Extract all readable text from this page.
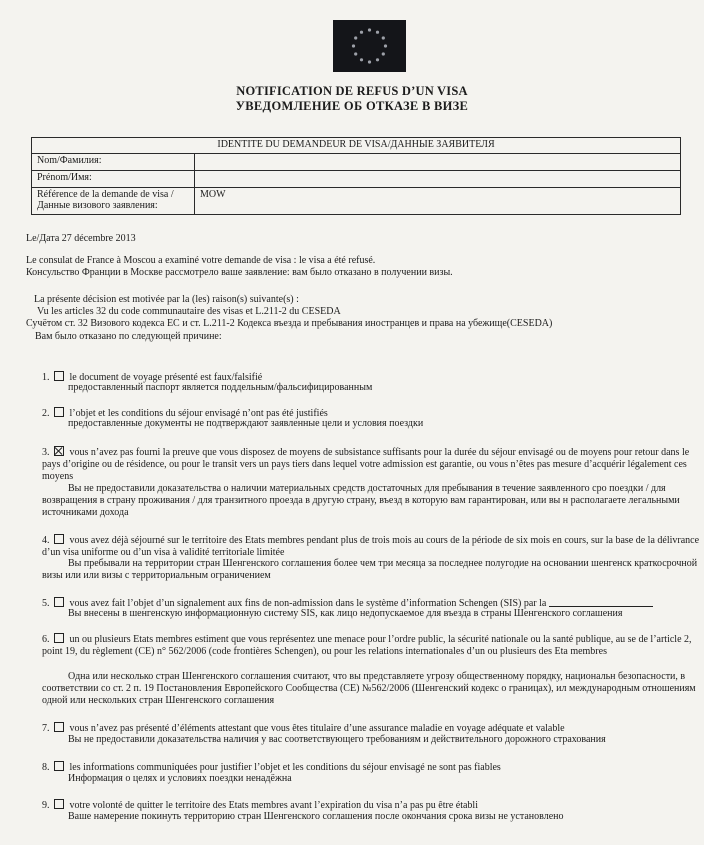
NOTIFICATION DE REFUS D’UN VISA
УВЕДОМЛЕНИЕ ОБ ОТКАЗЕ В ВИЗЕ
IDENTITE DU DEMANDEUR DE VISA/ДАННЫЕ ЗАЯВИТЕЛЯ	
Nom/Фамилия:	
Prénom/Имя:	
Référence de la demande de visa /
Данные визового заявления:	MOW
Le/Дата 27 décembre 2013
Le consulat de France à Moscou a examiné votre demande de visa : le visa a été refusé.
Консульство Франции в Москве рассмотрело ваше заявление: вам было отказано в получении визы.
La présente décision est motivée par la (les) raison(s) suivante(s) :
Vu les articles 32 du code communautaire des visas et L.211-2 du CESEDA
Сучётом ст. 32 Визового кодекса ЕС и ст. L.211-2 Кодекса въезда и пребывания иностранцев и права на убежище(CESEDA)
Вам было отказано по следующей причине:
1. le document de voyage présenté est faux/falsifié
предоставленный паспорт является поддельным/фальсифицированным
2. l’objet et les conditions du séjour envisagé n’ont pas été justifiés
предоставленные документы не подтверждают заявленные цели и условия поездки
3. vous n’avez pas fourni la preuve que vous disposez de moyens de subsistance suffisants pour la durée du séjour envisagé ou de moyens pour retour dans le pays d’origine ou de résidence, ou pour le transit vers un pays tiers dans lequel votre admission est garantie, ou vous n’êtes pas mesure d’acquérir légalement ces moyens
Вы не предоставили доказательства о наличии материальных средств достаточных для пребывания в течение заявленного сро поездки / для возвращения в страну проживания / для транзитного проезда в другую страну, въезд в которую вам гарантирован, или вы н располагаете легальными источниками дохода
4. vous avez déjà séjourné sur le territoire des Etats membres pendant plus de trois mois au cours de la période de six mois en cours, sur la base de la délivrance d’un visa uniforme ou d’un visa à validité territoriale limitée
Вы пребывали на территории стран Шенгенского соглашения более чем три месяца за последнее полугодие на основании шенгенск краткосрочной визы или или визы с территориальным ограничением
5. vous avez fait l’objet d’un signalement aux fins de non-admission dans le système d’information Schengen (SIS) par la
Вы внесены в шенгенскую информационную систему SIS, как лицо недопускаемое для въезда в страны Шенгенского соглашения
6. un ou plusieurs Etats membres estiment que vous représentez une menace pour l’ordre public, la sécurité nationale ou la santé publique, au se de l’article 2, point 19, du règlement (CE) n° 562/2006 (code frontières Schengen), ou pour les relations internationales d’un ou plusieurs des Eta membres
Одна или несколько стран Шенгенского соглашения считают, что вы представляете угрозу общественному порядку, национальн безопасности, в соответствии со ст. 2 п. 19 Постановления Европейского Сообщества (СЕ) №562/2006 (Шенгенский кодекс о границах), ил международным отношениям одной или нескольких стран Шенгенского соглашения
7. vous n’avez pas présenté d’éléments attestant que vous êtes titulaire d’une assurance maladie en voyage adéquate et valable
Вы не предоставили доказательства наличия у вас соответствующего требованиям и действительного дорожного страхования
8. les informations communiquées pour justifier l’objet et les conditions du séjour envisagé ne sont pas fiables
Информация о целях и условиях поездки ненадёжна
9. votre volonté de quitter le territoire des Etats membres avant l’expiration du visa n’a pas pu être établi
Ваше намерение покинуть территорию стран Шенгенского соглашения после окончания срока визы не установлено
